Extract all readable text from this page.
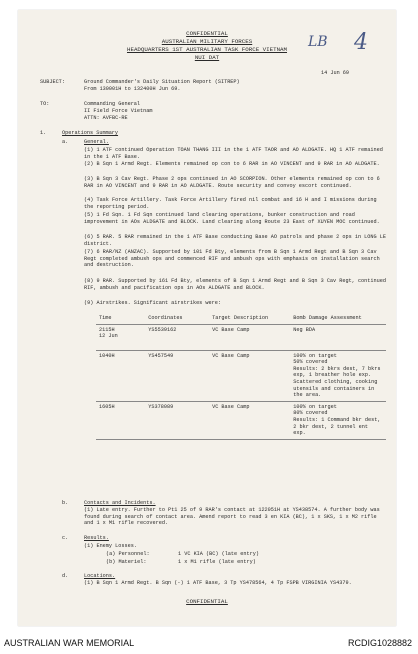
LB 4
CONFIDENTIAL
AUSTRALIAN MILITARY FORCES
HEADQUARTERS 1ST AUSTRALIAN TASK FORCE VIETNAM
NUI DAT
14 Jun 69
SUBJECT:	Ground Commander's Daily Situation Report (SITREP)
From 130001H to 132400H Jun 69.
TO:	Commanding General
II Field Force Vietnam
ATTN: AVFBC-RE
1.	Operations Summary
a.	General.
(1) 1 ATF continued Operation TOAN THANG III in the 1 ATF TAOR and AO ALDGATE. HQ 1 ATF remained in the 1 ATF Base.
(2) B Sqn 1 Armd Regt. Elements remained op con to 6 RAR in AO VINCENT and 9 RAR in AO ALDGATE.
(3) B Sqn 3 Cav Regt. Phase 2 ops continued in AO SCORPION. Other elements remained op con to 6 RAR in AO VINCENT and 9 RAR in AO ALDGATE. Route security and convoy escort continued.
(4) Task Force Artillery. Task Force Artillery fired nil combat and 16 H and I missions during the reporting period.
(5) 1 Fd Sqn. 1 Fd Sqn continued land clearing operations, bunker construction and road improvement in AOs ALDGATE and BLOCK. Land clearing along Route 23 East of XUYEN MOC continued.
(6) 5 RAR. 5 RAR remained in the 1 ATF Base conducting Base AO patrols and phase 2 ops in LONG LE district.
(7) 6 RAR/NZ (ANZAC). Supported by 101 Fd Bty, elements from B Sqn 1 Armd Regt and B Sqn 3 Cav Regt completed ambush ops and commenced RIF and ambush ops with emphasis on installation search and destruction.
(8) 9 RAR. Supported by 161 Fd Bty, elements of B Sqn 1 Armd Regt and B Sqn 3 Cav Regt, continued RIF, ambush and pacification ops in AOs ALDGATE and BLOCK.
(9) Airstrikes. Significant airstrikes were:
Time	Coordinates	Target Description	Bomb Damage Assessment
2115H
12 Jun	YS5539162	VC Base Camp	Neg BDA
1040H	YS457549	VC Base Camp	100% on target
50% covered
Results: 2 bkrs dest, 7 bkrs exp, 1 breather hole exp. Scattered clothing, cooking utensils and containers in the area.
1605H	YS378089	VC Base Camp	100% on target
80% covered
Results: 1 Command bkr dest, 2 bkr dest, 2 tunnel ent exp.
b.	Contacts and Incidents.
(1) Late entry. Further to Pt1 25 of 9 RAR's contact at 122051H at YS438574. A further body was found during search of contact area. Amend report to read 3 en KIA (BC), 1 x SKS, 1 x M2 rifle and 1 x M1 rifle recovered.
c.	Results.
(1) Enemy Losses.
(a) Personnel:	1 VC KIA (BC) (late entry)
(b) Materiel:	1 x M1 rifle (late entry)
d.	Locations.
(1) B Sqn 1 Armd Regt. B Sqn (-) 1 ATF Base, 3 Tp YS478564, 4 Tp FSPB VIRGINIA YS4379.
CONFIDENTIAL
AUSTRALIAN WAR MEMORIAL	RCDIG1028882
